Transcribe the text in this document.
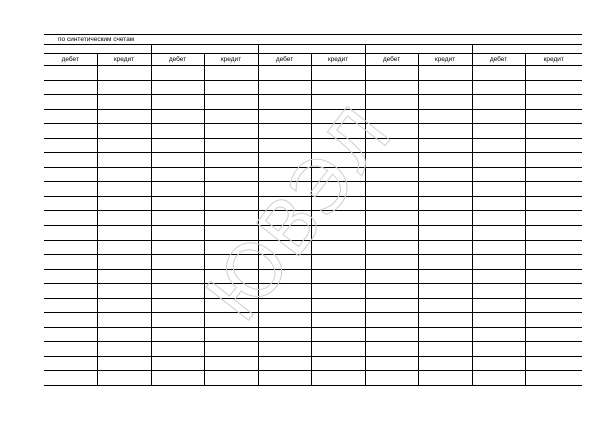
по синтетическим счетам									

дебет	кредит	дебет	кредит	дебет	кредит	дебет	кредит	дебет	кредит

ЮВЭЛ
